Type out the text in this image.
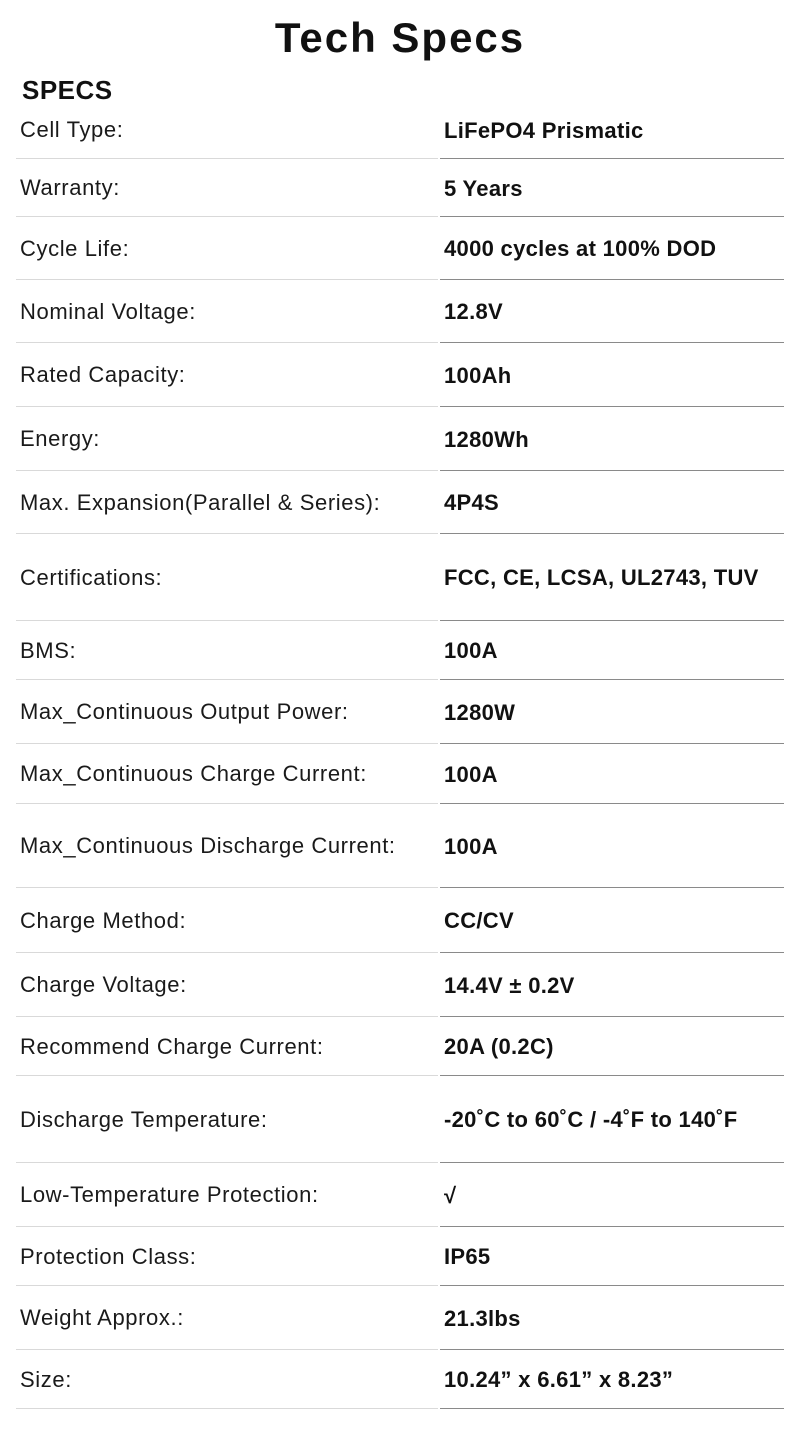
Tech Specs
SPECS
Cell Type:	LiFePO4 Prismatic
Warranty:	5 Years
Cycle Life:	4000 cycles at 100% DOD
Nominal Voltage:	12.8V
Rated Capacity:	100Ah
Energy:	1280Wh
Max. Expansion(Parallel & Series):	4P4S
Certifications:	FCC, CE, LCSA, UL2743, TUV
BMS:	100A
Max_Continuous Output Power:	1280W
Max_Continuous Charge Current:	100A
Max_Continuous Discharge Current:	100A
Charge Method:	CC/CV
Charge Voltage:	14.4V ± 0.2V
Recommend Charge Current:	20A (0.2C)
Discharge Temperature:	-20˚C to 60˚C / -4˚F to 140˚F
Low-Temperature Protection:	√
Protection Class:	IP65
Weight Approx.:	21.3lbs
Size:	10.24” x 6.61” x 8.23”
